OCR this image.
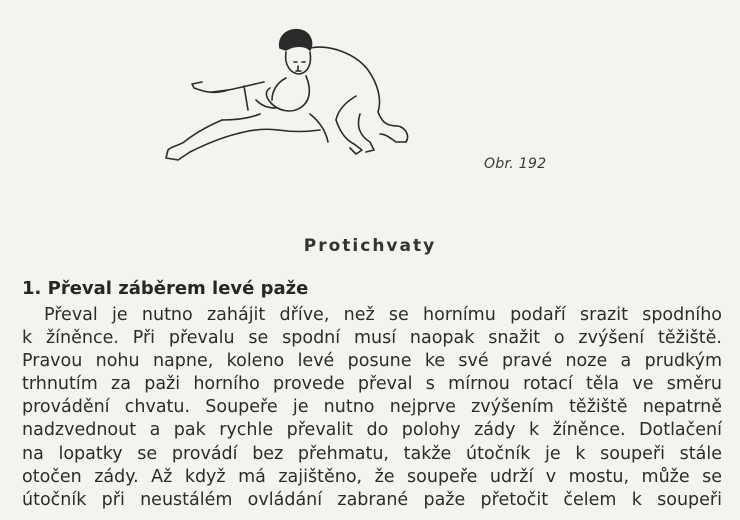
Obr. 192
Protichvaty
1. Převal záběrem levé paže
Převal je nutno zahájit dříve, než se hornímu podaří srazit spodního
k žíněnce. Při převalu se spodní musí naopak snažit o zvýšení těžiště.
Pravou nohu napne, koleno levé posune ke své pravé noze a prudkým
trhnutím za paži horního provede převal s mírnou rotací těla ve směru
provádění chvatu. Soupeře je nutno nejprve zvýšením těžiště nepatrně
nadzvednout a pak rychle převalit do polohy zády k žíněnce. Dotlačení
na lopatky se provádí bez přehmatu, takže útočník je k soupeři stále
otočen zády. Až když má zajištěno, že soupeře udrží v mostu, může se
útočník při neustálém ovládání zabrané paže přetočit čelem k soupeři
